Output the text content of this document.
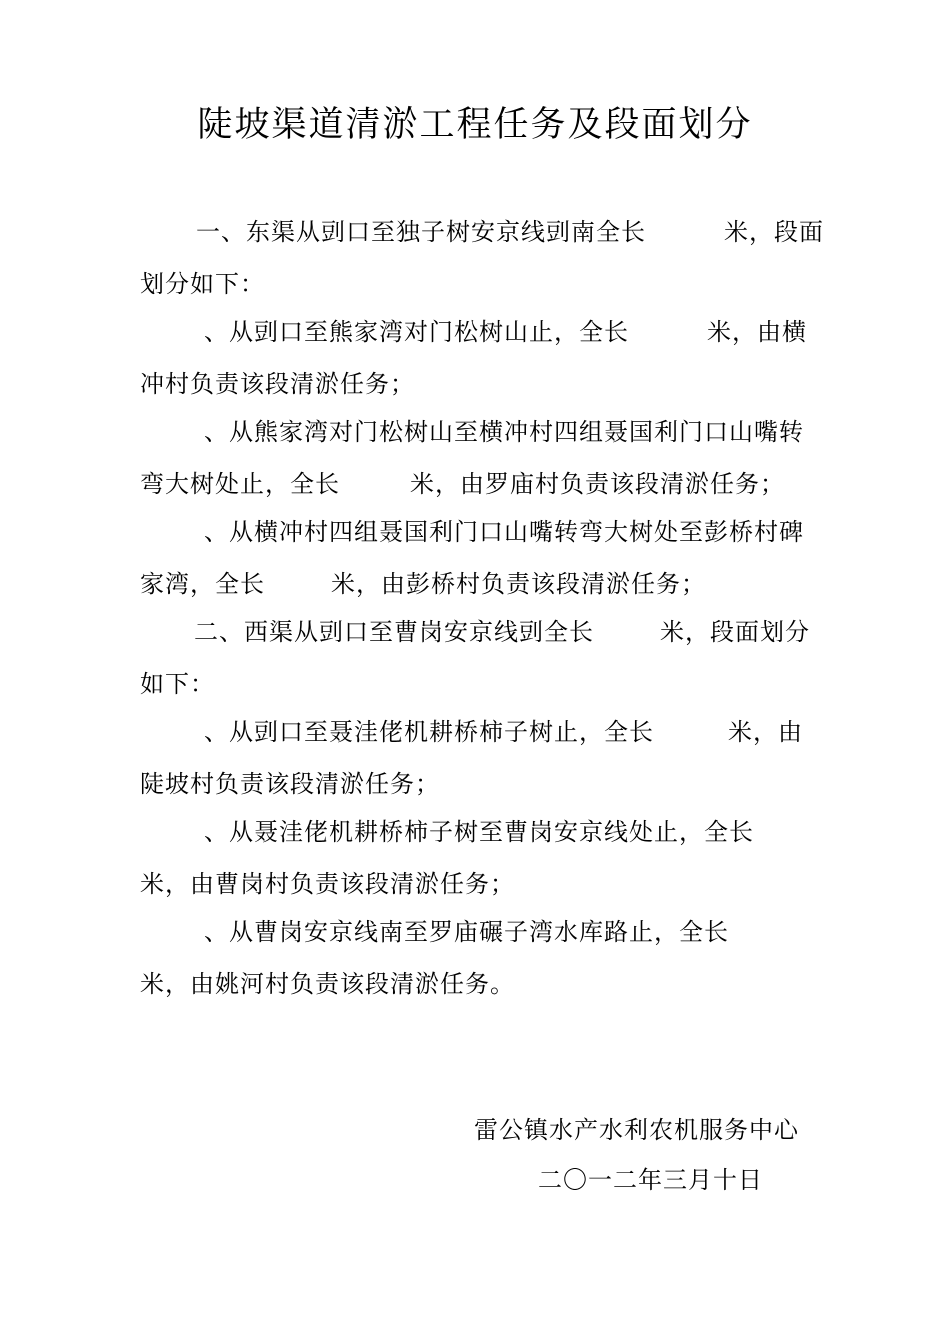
陡坡渠道清淤工程任务及段面划分
一、东渠从剅口至独子树安京线剅南全长	米，段面
划分如下：
、从剅口至熊家湾对门松树山止，全长	米，由横
冲村负责该段清淤任务；
、从熊家湾对门松树山至横冲村四组聂国利门口山嘴转
弯大树处止，全长	米，由罗庙村负责该段清淤任务；
、从横冲村四组聂国利门口山嘴转弯大树处至彭桥村碑
家湾，全长	米，由彭桥村负责该段清淤任务；
二、西渠从剅口至曹岗安京线剅全长	米，段面划分
如下：
、从剅口至聂洼佬机耕桥柿子树止，全长	米，由
陡坡村负责该段清淤任务；
、从聂洼佬机耕桥柿子树至曹岗安京线处止，全长
米，由曹岗村负责该段清淤任务；
、从曹岗安京线南至罗庙碾子湾水库路止，全长
米，由姚河村负责该段清淤任务。
雷公镇水产水利农机服务中心
二〇一二年三月十日
